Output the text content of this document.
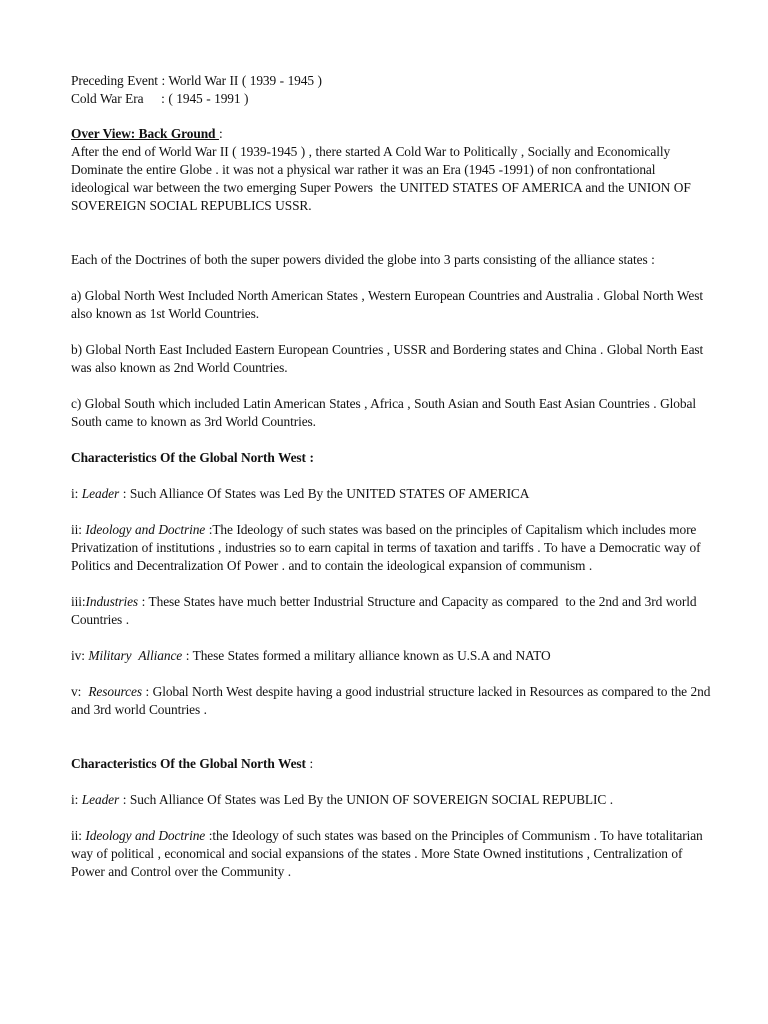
Preceding Event : World War II ( 1939 - 1945 )

Cold War Era     : ( 1945 - 1991 )

Over View: Back Ground :

After the end of World War II ( 1939-1945 ) , there started A Cold War to Politically , Socially and Economically Dominate the entire Globe . it was not a physical war rather it was an Era (1945 -1991) of non confrontational ideological war between the two emerging Super Powers  the UNITED STATES OF AMERICA and the UNION OF SOVEREIGN SOCIAL REPUBLICS USSR.

Each of the Doctrines of both the super powers divided the globe into 3 parts consisting of the alliance states :

a) Global North West Included North American States , Western European Countries and Australia . Global North West also known as 1st World Countries.

b) Global North East Included Eastern European Countries , USSR and Bordering states and China . Global North East was also known as 2nd World Countries.

c) Global South which included Latin American States , Africa , South Asian and South East Asian Countries . Global South came to known as 3rd World Countries.

Characteristics Of the Global North West :

i: Leader : Such Alliance Of States was Led By the UNITED STATES OF AMERICA

ii: Ideology and Doctrine :The Ideology of such states was based on the principles of Capitalism which includes more Privatization of institutions , industries so to earn capital in terms of taxation and tariffs . To have a Democratic way of Politics and Decentralization Of Power . and to contain the ideological expansion of communism .

iii:Industries : These States have much better Industrial Structure and Capacity as compared  to the 2nd and 3rd world Countries .

iv: Military  Alliance : These States formed a military alliance known as U.S.A and NATO

v:  Resources : Global North West despite having a good industrial structure lacked in Resources as compared to the 2nd and 3rd world Countries .

Characteristics Of the Global North West :

i: Leader : Such Alliance Of States was Led By the UNION OF SOVEREIGN SOCIAL REPUBLIC .

ii: Ideology and Doctrine :the Ideology of such states was based on the Principles of Communism . To have totalitarian way of political , economical and social expansions of the states . More State Owned institutions , Centralization of Power and Control over the Community .
